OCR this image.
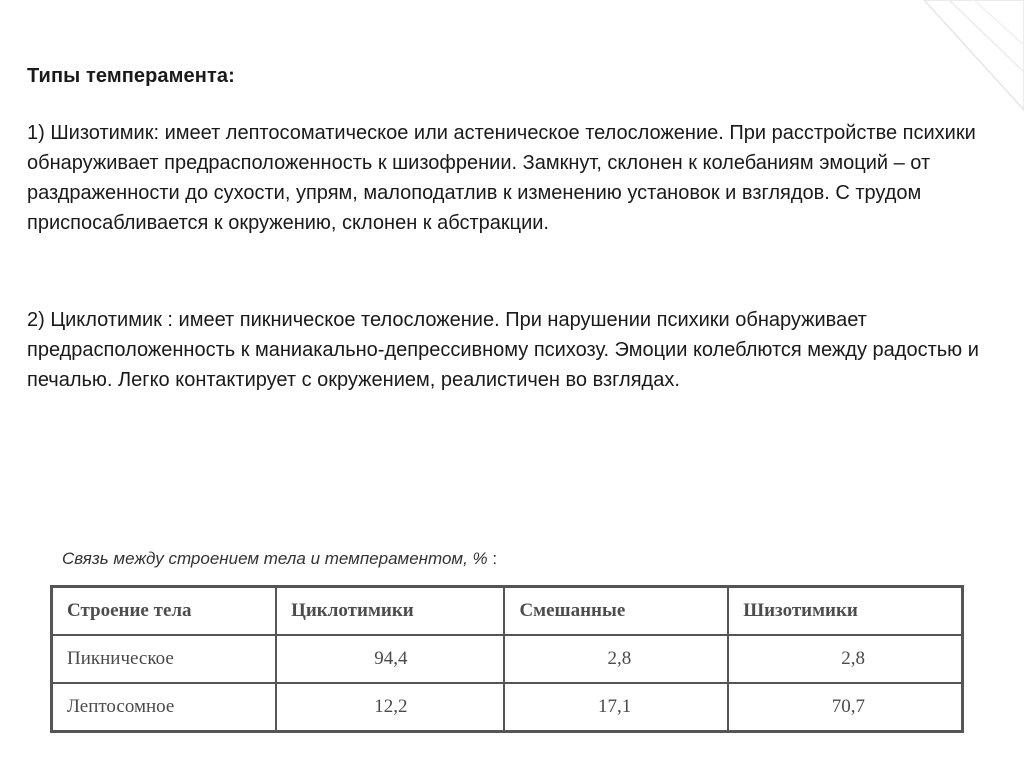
Типы темперамента:

1) Шизотимик: имеет лептосоматическое или астеническое телосложение. При расстройстве психики обнаруживает предрасположенность к шизофрении. Замкнут, склонен к колебаниям эмоций – от раздраженности до сухости, упрям, малоподатлив к изменению установок и взглядов. С трудом приспосабливается к окружению, склонен к абстракции.

2) Циклотимик : имеет пикническое телосложение. При нарушении психики обнаруживает предрасположенность к маниакально-депрессивному психозу. Эмоции колеблются между радостью и печалью. Легко контактирует с окружением, реалистичен во взглядах.

Связь между строением тела и темпераментом, % :

Строение тела	Циклотимики	Смешанные	Шизотимики
Пикническое	94,4	2,8	2,8
Лептосомное	12,2	17,1	70,7
